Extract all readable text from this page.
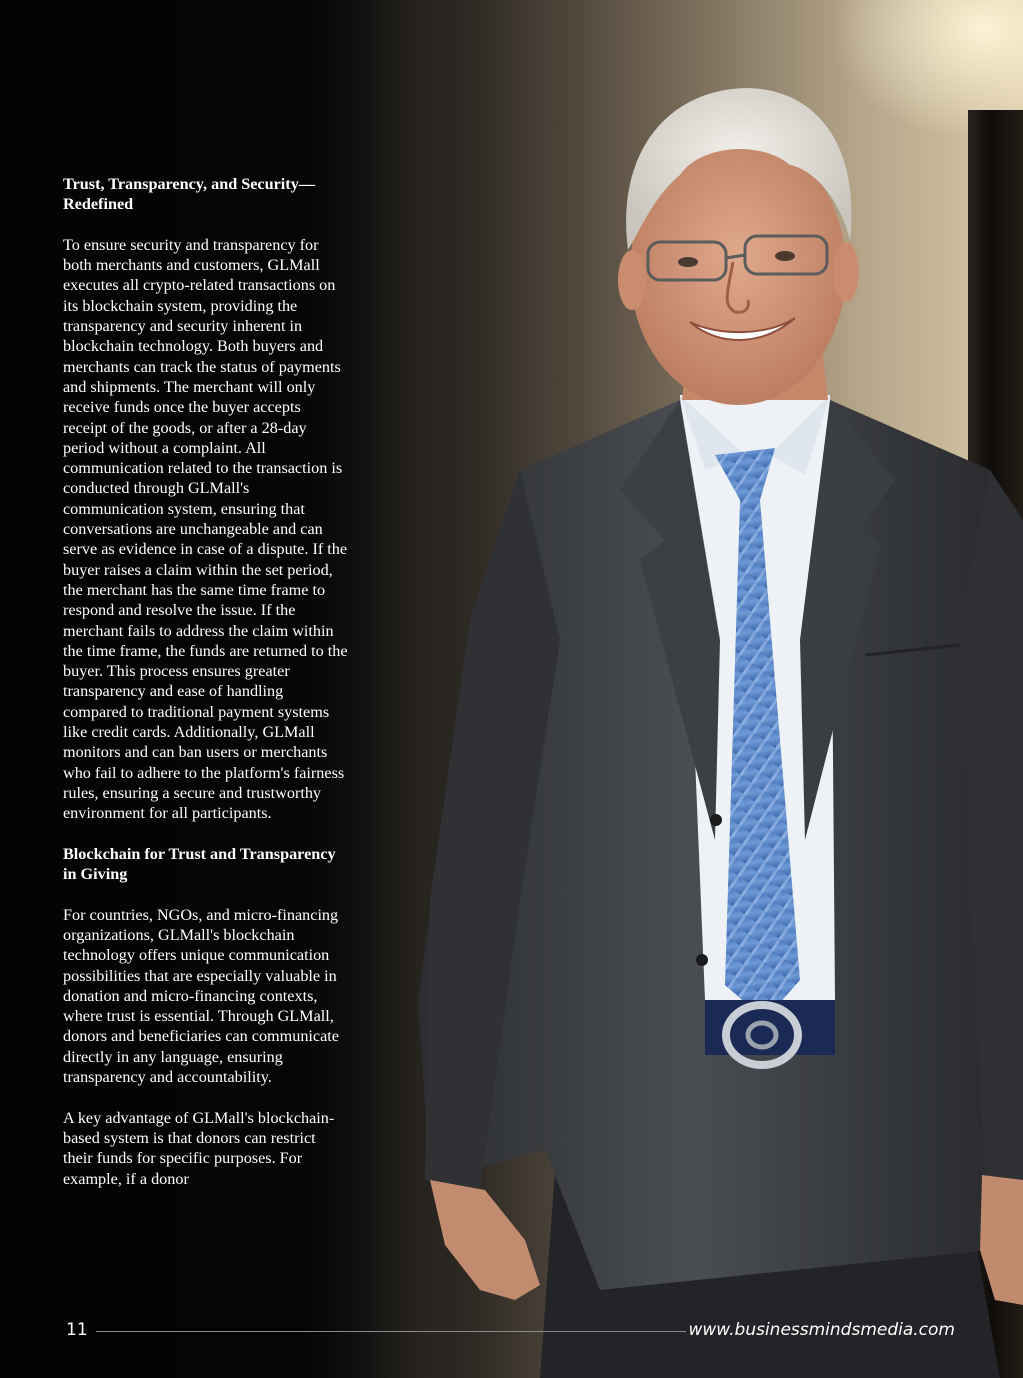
Trust, Transparency, and Security—Redefined

To ensure security and transparency for both merchants and customers, GLMall executes all crypto-related transactions on its blockchain system, providing the transparency and security inherent in blockchain technology. Both buyers and merchants can track the status of payments and shipments. The merchant will only receive funds once the buyer accepts receipt of the goods, or after a 28-day period without a complaint. All communication related to the transaction is conducted through GLMall's communication system, ensuring that conversations are unchangeable and can serve as evidence in case of a dispute. If the buyer raises a claim within the set period, the merchant has the same time frame to respond and resolve the issue. If the merchant fails to address the claim within the time frame, the funds are returned to the buyer. This process ensures greater transparency and ease of handling compared to traditional payment systems like credit cards. Additionally, GLMall monitors and can ban users or merchants who fail to adhere to the platform's fairness rules, ensuring a secure and trustworthy environment for all participants.

Blockchain for Trust and Transparency in Giving

For countries, NGOs, and micro-financing organizations, GLMall's blockchain technology offers unique communication possibilities that are especially valuable in donation and micro-financing contexts, where trust is essential. Through GLMall, donors and beneficiaries can communicate directly in any language, ensuring transparency and accountability.

A key advantage of GLMall's blockchain-based system is that donors can restrict their funds for specific purposes. For example, if a donor

11	www.businessmindsmedia.com
